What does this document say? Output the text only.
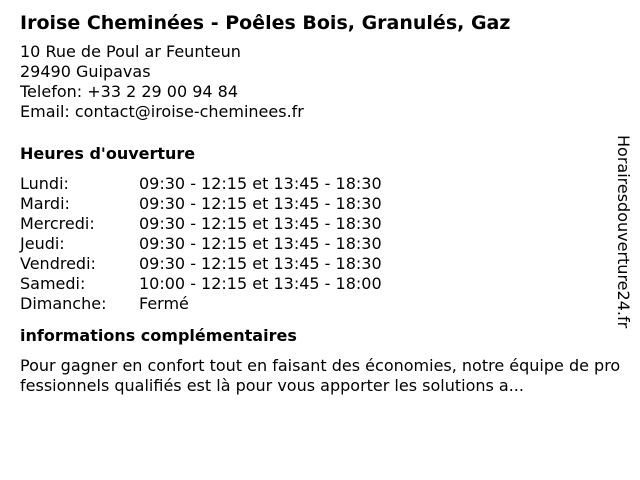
Iroise Cheminées - Poêles Bois, Granulés, Gaz
10 Rue de Poul ar Feunteun
29490 Guipavas
Telefon: +33 2 29 00 94 84
Email: contact@iroise-cheminees.fr
Heures d'ouverture
Lundi:	09:30 - 12:15 et 13:45 - 18:30
Mardi:	09:30 - 12:15 et 13:45 - 18:30
Mercredi:	09:30 - 12:15 et 13:45 - 18:30
Jeudi:	09:30 - 12:15 et 13:45 - 18:30
Vendredi:	09:30 - 12:15 et 13:45 - 18:30
Samedi:	10:00 - 12:15 et 13:45 - 18:00
Dimanche:	Fermé
informations complémentaires

Pour gagner en confort tout en faisant des économies, notre équipe de professionnels qualifiés est là pour vous apporter les solutions a...

Horairesdouverture24.fr
